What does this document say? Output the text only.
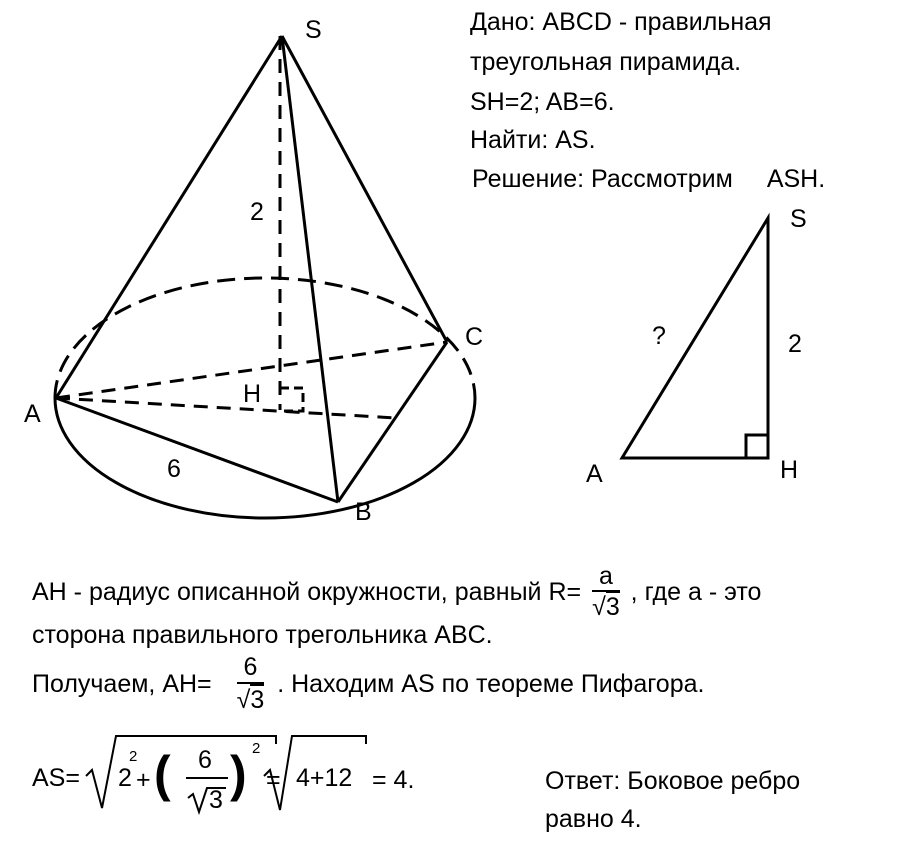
S
A
B
C
H
2
6
S
A	H
?	2
Дано: ABCD - правильная
треугольная пирамида.
SH=2; AB=6.
Найти: AS.
Решение: Рассмотрим ASH.
AH - радиус описанной окружности, равный $R= \frac{a}{√3}$ , где a - это
сторона правильного трегольника ABC.
Получаем, $AH= \frac{6}{√3}$ . Находим AS по теореме Пифагора.
AS= 2
2
+ ( 6
3 ) 2
= 4+12 = 4.	Ответ: Боковое ребро
равно 4.
